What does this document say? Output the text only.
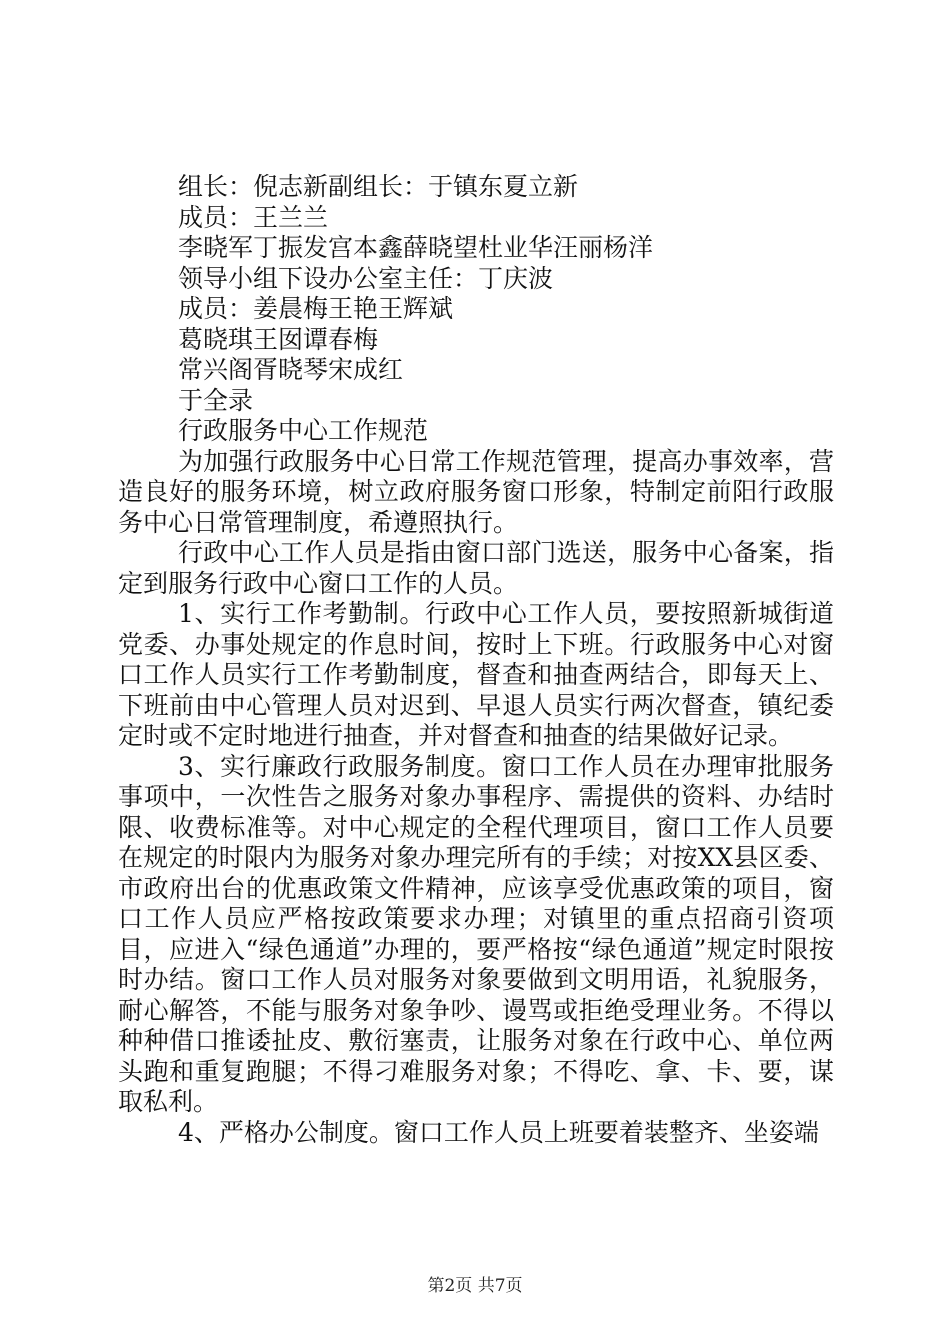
组长：倪志新副组长：于镇东夏立新
成员：王兰兰
李晓军丁振发宫本鑫薛晓望杜业华汪丽杨洋
领导小组下设办公室主任：丁庆波
成员：姜晨梅王艳王辉斌
葛晓琪王囡谭春梅
常兴阁胥晓琴宋成红
于全录
行政服务中心工作规范

为加强行政服务中心日常工作规范管理，提高办事效率，营造良好的服务环境，树立政府服务窗口形象，特制定前阳行政服务中心日常管理制度，希遵照执行。

行政中心工作人员是指由窗口部门选送，服务中心备案，指定到服务行政中心窗口工作的人员。

1、实行工作考勤制。行政中心工作人员，要按照新城街道党委、办事处规定的作息时间，按时上下班。行政服务中心对窗口工作人员实行工作考勤制度，督查和抽查两结合，即每天上、下班前由中心管理人员对迟到、早退人员实行两次督查，镇纪委定时或不定时地进行抽查，并对督查和抽查的结果做好记录。

3、实行廉政行政服务制度。窗口工作人员在办理审批服务事项中，一次性告之服务对象办事程序、需提供的资料、办结时限、收费标准等。对中心规定的全程代理项目，窗口工作人员要在规定的时限内为服务对象办理完所有的手续；对按XX县区委、市政府出台的优惠政策文件精神，应该享受优惠政策的项目，窗口工作人员应严格按政策要求办理；对镇里的重点招商引资项目，应进入“绿色通道”办理的，要严格按“绿色通道”规定时限按时办结。窗口工作人员对服务对象要做到文明用语，礼貌服务，耐心解答，不能与服务对象争吵、谩骂或拒绝受理业务。不得以种种借口推诿扯皮、敷衍塞责，让服务对象在行政中心、单位两头跑和重复跑腿；不得刁难服务对象；不得吃、拿、卡、要，谋取私利。

4、严格办公制度。窗口工作人员上班要着装整齐、坐姿端

第2页 共7页
